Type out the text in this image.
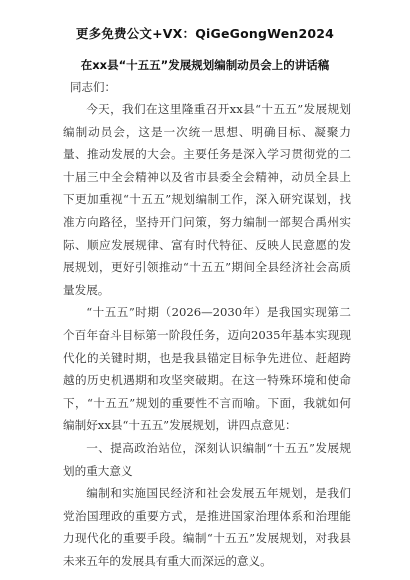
更多免费公文+VX：QiGeGongWen2024
在xx县“十五五”发展规划编制动员会上的讲话稿
同志们：

今天，我们在这里隆重召开xx县“十五五”发展规划编制动员会，这是一次统一思想、明确目标、凝聚力量、推动发展的大会。主要任务是深入学习贯彻党的二十届三中全会精神以及省市县委全会精神，动员全县上下更加重视“十五五”规划编制工作，深入研究谋划，找准方向路径，坚持开门问策，努力编制一部契合禹州实际、顺应发展规律、富有时代特征、反映人民意愿的发展规划，更好引领推动“十五五”期间全县经济社会高质量发展。

“十五五”时期（2026—2030年）是我国实现第二个百年奋斗目标第一阶段任务，迈向2035年基本实现现代化的关键时期，也是我县锚定目标争先进位、赶超跨越的历史机遇期和攻坚突破期。在这一特殊环境和使命下，“十五五”规划的重要性不言而喻。下面，我就如何编制好xx县“十五五”发展规划，讲四点意见：

一、提高政治站位，深刻认识编制“十五五”发展规划的重大意义

编制和实施国民经济和社会发展五年规划，是我们党治国理政的重要方式，是推进国家治理体系和治理能力现代化的重要手段。编制“十五五”发展规划，对我县未来五年的发展具有重大而深远的意义。
